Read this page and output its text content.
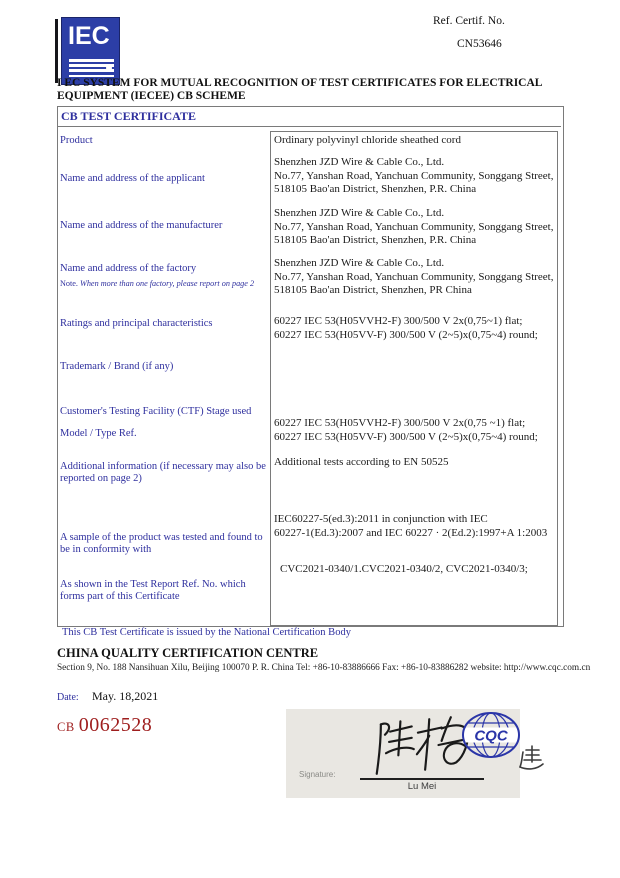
IEC
Ref. Certif. No.
CN53646
I EC SYSTEM FOR MUTUAL RECOGNITION OF TEST CERTIFICATES FOR ELECTRICAL EQUIPMENT (IECEE) CB SCHEME
CB TEST CERTIFICATE
Product
Name and address of the applicant
Name and address of the manufacturer
Name and address of the factory
Note. When more than one factory, please report on page 2
Ratings and principal characteristics
Trademark / Brand (if any)
Customer's Testing Facility (CTF) Stage used
Model / Type Ref.
Additional information (if necessary may also be reported on page 2)
A sample of the product was tested and found to be in conformity with
As shown in the Test Report Ref. No. which forms part of this Certificate
Ordinary polyvinyl chloride sheathed cord
Shenzhen JZD Wire & Cable Co., Ltd.
No.77, Yanshan Road, Yanchuan Community, Songgang Street,
518105 Bao'an District, Shenzhen, P.R. China
Shenzhen JZD Wire & Cable Co., Ltd.
No.77, Yanshan Road, Yanchuan Community, Songgang Street,
518105 Bao'an District, Shenzhen, P.R. China
Shenzhen JZD Wire & Cable Co., Ltd.
No.77, Yanshan Road, Yanchuan Community, Songgang Street,
518105 Bao'an District, Shenzhen, PR China
60227 IEC 53(H05VVH2-F) 300/500 V 2x(0,75~1) flat;
60227 IEC 53(H05VV-F) 300/500 V (2~5)x(0,75~4) round;
60227 IEC 53(H05VVH2-F) 300/500 V 2x(0,75 ~1) flat;
60227 IEC 53(H05VV-F) 300/500 V (2~5)x(0,75~4) round;
Additional tests according to EN 50525
IEC60227-5(ed.3):2011 in conjunction with IEC
60227-1(Ed.3):2007 and IEC 60227 · 2(Ed.2):1997+A 1:2003
CVC2021-0340/1.CVC2021-0340/2, CVC2021-0340/3;
This CB Test Certificate is issued by the National Certification Body
CHINA QUALITY CERTIFICATION CENTRE
Section 9, No. 188 Nansihuan Xilu, Beijing 100070 P. R. China Tel: +86-10-83886666 Fax: +86-10-83886282 website: http://www.cqc.com.cn
Date: May. 18,2021
CB 0062528	CQC
Signature:
Lu Mei
